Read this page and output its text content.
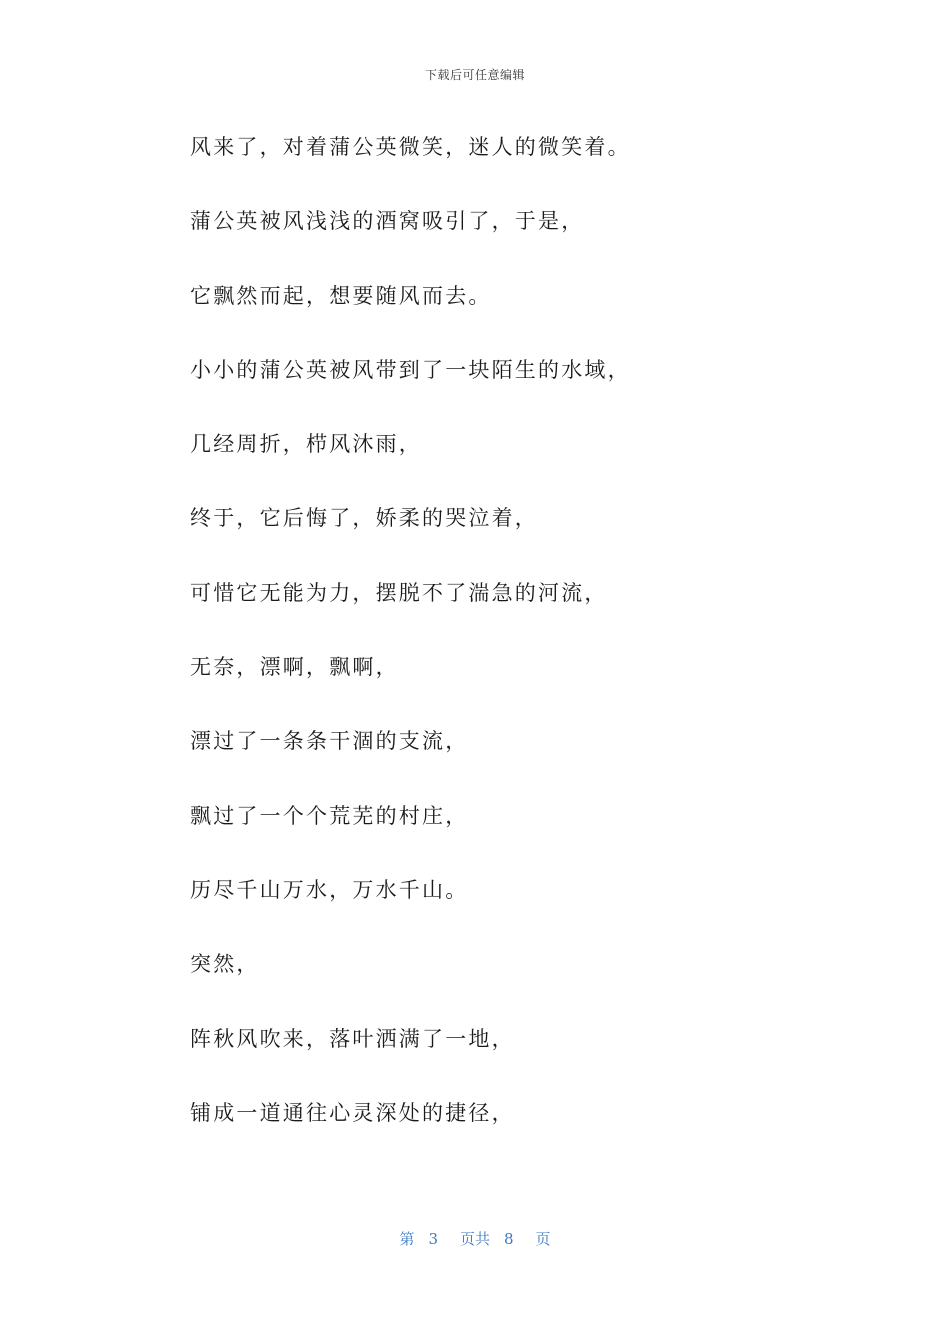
下载后可任意编辑
风来了，对着蒲公英微笑，迷人的微笑着。
蒲公英被风浅浅的酒窝吸引了，于是，
它飘然而起，想要随风而去。
小小的蒲公英被风带到了一块陌生的水域，
几经周折，栉风沐雨，
终于，它后悔了，娇柔的哭泣着，
可惜它无能为力，摆脱不了湍急的河流，
无奈，漂啊，飘啊，
漂过了一条条干涸的支流，
飘过了一个个荒芜的村庄，
历尽千山万水，万水千山。
突然，
阵秋风吹来，落叶洒满了一地，
铺成一道通往心灵深处的捷径，
第 3 页共 8 页
